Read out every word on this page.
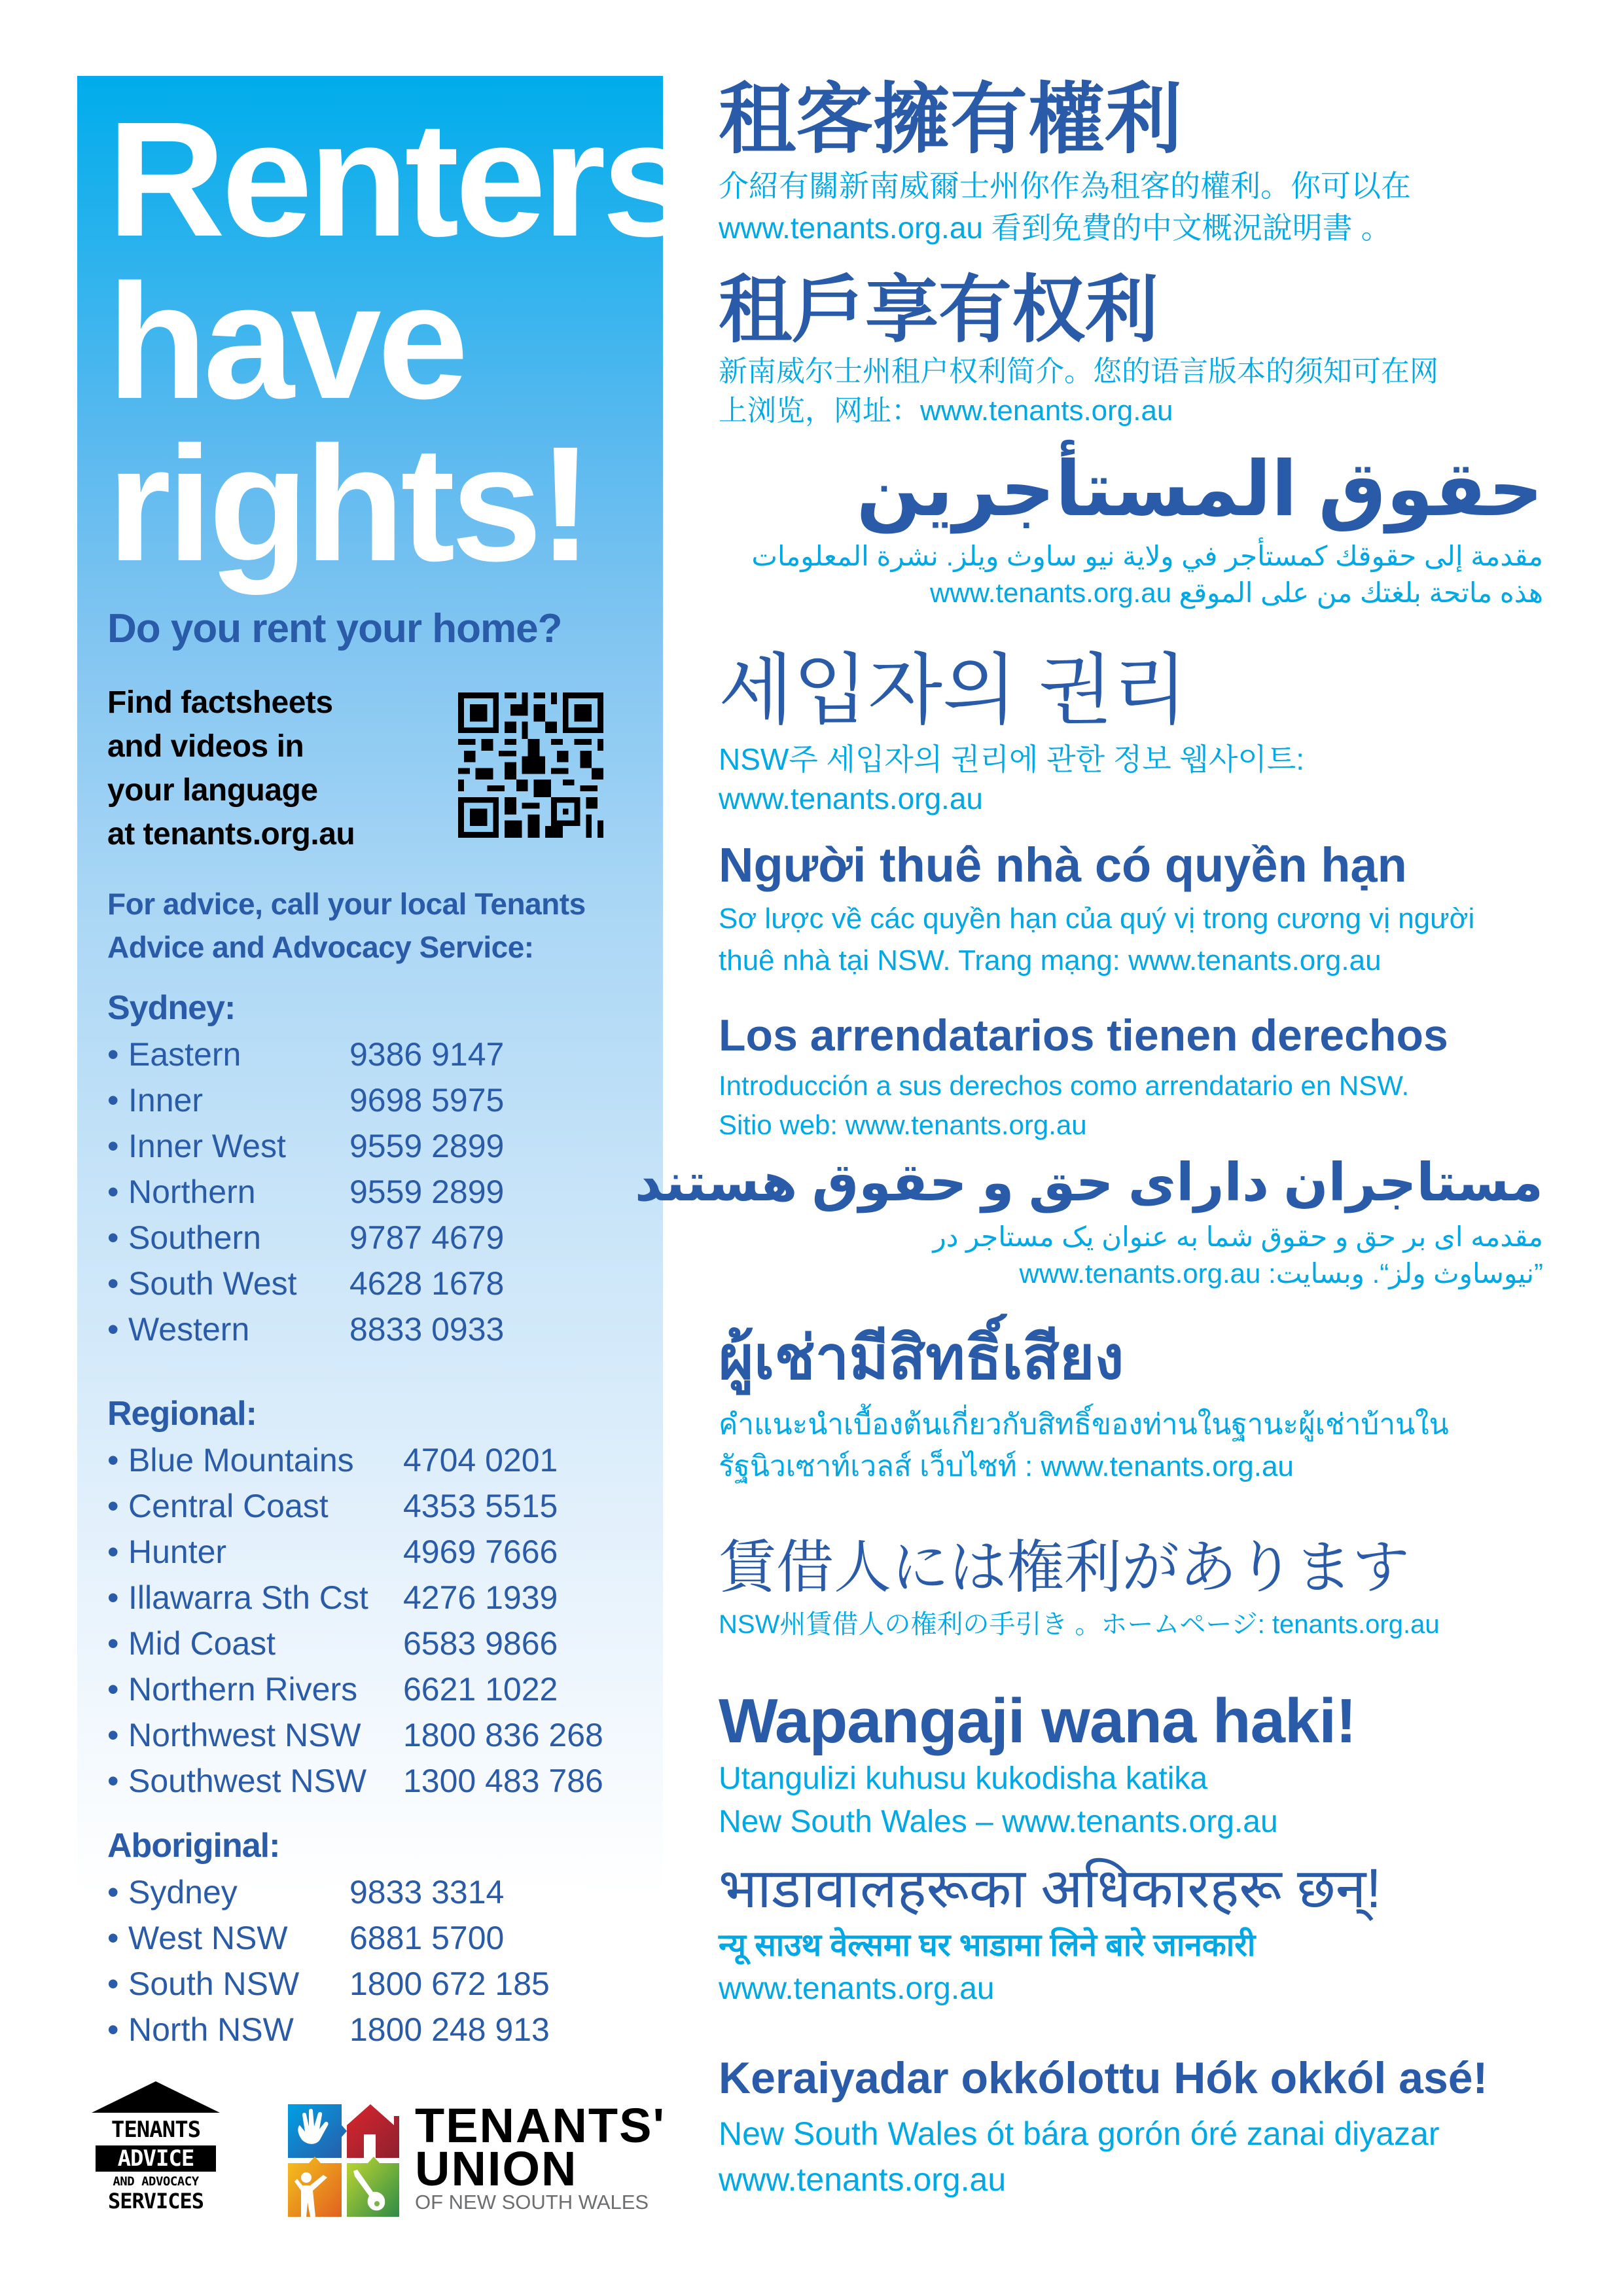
Renters
have
rights!
Do you rent your home?
Find factsheets
and videos in
your language
at tenants.org.au
For advice, call your local Tenants
Advice and Advocacy Service:
Sydney:
• Eastern	9386 9147
• Inner	9698 5975
• Inner West	9559 2899
• Northern	9559 2899
• Southern	9787 4679
• South West	4628 1678
• Western	8833 0933
Regional:
• Blue Mountains	4704 0201
• Central Coast	4353 5515
• Hunter	4969 7666
• Illawarra Sth Cst	4276 1939
• Mid Coast	6583 9866
• Northern Rivers	6621 1022
• Northwest NSW	1800 836 268
• Southwest NSW	1300 483 786
Aboriginal:
• Sydney	9833 3314
• West NSW	6881 5700
• South NSW	1800 672 185
• North NSW	1800 248 913
TENANTS
ADVICE
AND ADVOCACY
SERVICES
TENANTS'
UNION
OF NEW SOUTH WALES
租客擁有權利
介紹有關新南威爾士州你作為租客的權利。你可以在
www.tenants.org.au 看到免費的中文概況說明書 。
租戶享有权利
新南威尔士州租户权利简介。您的语言版本的须知可在网
上浏览，网址：www.tenants.org.au
حقوق المستأجرين
مقدمة إلى حقوقك كمستأجر في ولاية نيو ساوث ويلز. نشرة المعلومات
هذه ماتحة بلغتك من على الموقع www.tenants.org.au
세입자의 권리
NSW주 세입자의 권리에 관한 정보 웹사이트:
www.tenants.org.au
Người thuê nhà có quyền hạn
Sơ lược về các quyền hạn của quý vị trong cương vị người
thuê nhà tại NSW. Trang mạng: www.tenants.org.au
Los arrendatarios tienen derechos
Introducción a sus derechos como arrendatario en NSW.
Sitio web: www.tenants.org.au
مستاجران دارای حق و حقوق هستند
مقدمه ای بر حق و حقوق شما به عنوان یک مستاجر در
”نیوساوث ولز“. وبسایت: www.tenants.org.au
ผู้เช่ามีสิทธิ์เสียง
คำแนะนำเบื้องต้นเกี่ยวกับสิทธิ์ของท่านในฐานะผู้เช่าบ้านใน
รัฐนิวเซาท์เวลส์ เว็บไซท์ : www.tenants.org.au
賃借人には権利があります
NSW州賃借人の権利の手引き 。ホームページ: tenants.org.au
Wapangaji wana haki!
Utangulizi kuhusu kukodisha katika
New South Wales – www.tenants.org.au
भाडावालहरूका अधिकारहरू छन्!
न्यू साउथ वेल्समा घर भाडामा लिने बारे जानकारी
www.tenants.org.au
Keraiyadar okkólottu Hók okkól asé!
New South Wales ót bára gorón óré zanai diyazar
www.tenants.org.au
